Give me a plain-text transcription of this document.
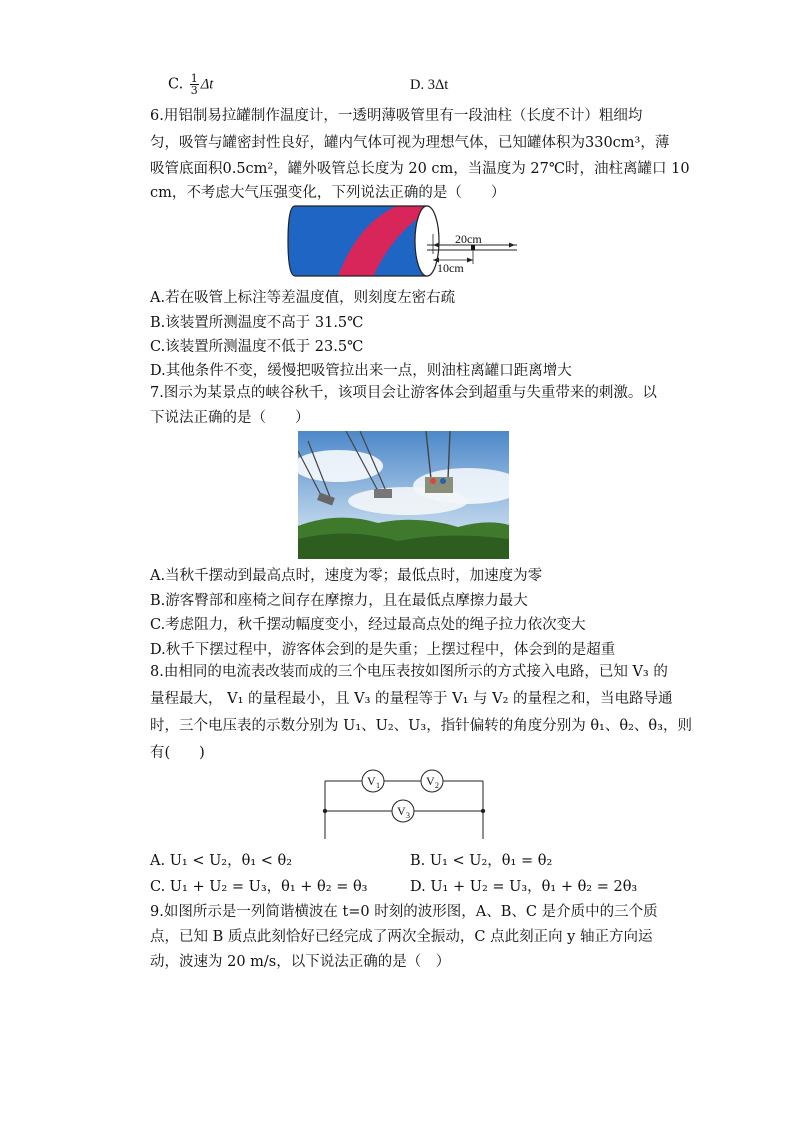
C. $\frac{1}{3}$ Δt	D. 3Δt
6.用铝制易拉罐制作温度计，一透明薄吸管里有一段油柱（长度不计）粗细均
匀，吸管与罐密封性良好，罐内气体可视为理想气体，已知罐体积为330cm³，薄
吸管底面积0.5cm²，罐外吸管总长度为 20 cm，当温度为 27℃时，油柱离罐口 10
cm，不考虑大气压强变化，下列说法正确的是（　　）
20cm
10cm
A.若在吸管上标注等差温度值，则刻度左密右疏
B.该装置所测温度不高于 31.5℃
C.该装置所测温度不低于 23.5℃
D.其他条件不变，缓慢把吸管拉出来一点，则油柱离罐口距离增大
7.图示为某景点的峡谷秋千，该项目会让游客体会到超重与失重带来的刺激。以
下说法正确的是（　　）
A.当秋千摆动到最高点时，速度为零；最低点时，加速度为零
B.游客臀部和座椅之间存在摩擦力，且在最低点摩擦力最大
C.考虑阻力，秋千摆动幅度变小，经过最高点处的绳子拉力依次变大
D.秋千下摆过程中，游客体会到的是失重；上摆过程中，体会到的是超重
8.由相同的电流表改装而成的三个电压表按如图所示的方式接入电路，已知 V₃ 的
量程最大， V₁ 的量程最小，且 V₃ 的量程等于 V₁ 与 V₂ 的量程之和，当电路导通
时，三个电压表的示数分别为 U₁、U₂、U₃，指针偏转的角度分别为 θ₁、θ₂、θ₃，则
有(　　)
V 1	V 2
V 3
A. U₁ < U₂，θ₁ < θ₂	B. U₁ < U₂，θ₁ = θ₂
C. U₁ + U₂ = U₃，θ₁ + θ₂ = θ₃	D. U₁ + U₂ = U₃，θ₁ + θ₂ = 2θ₃
9.如图所示是一列简谐横波在 t=0 时刻的波形图，A、B、C 是介质中的三个质
点，已知 B 质点此刻恰好已经完成了两次全振动，C 点此刻正向 y 轴正方向运
动，波速为 20 m/s，以下说法正确的是（　）
